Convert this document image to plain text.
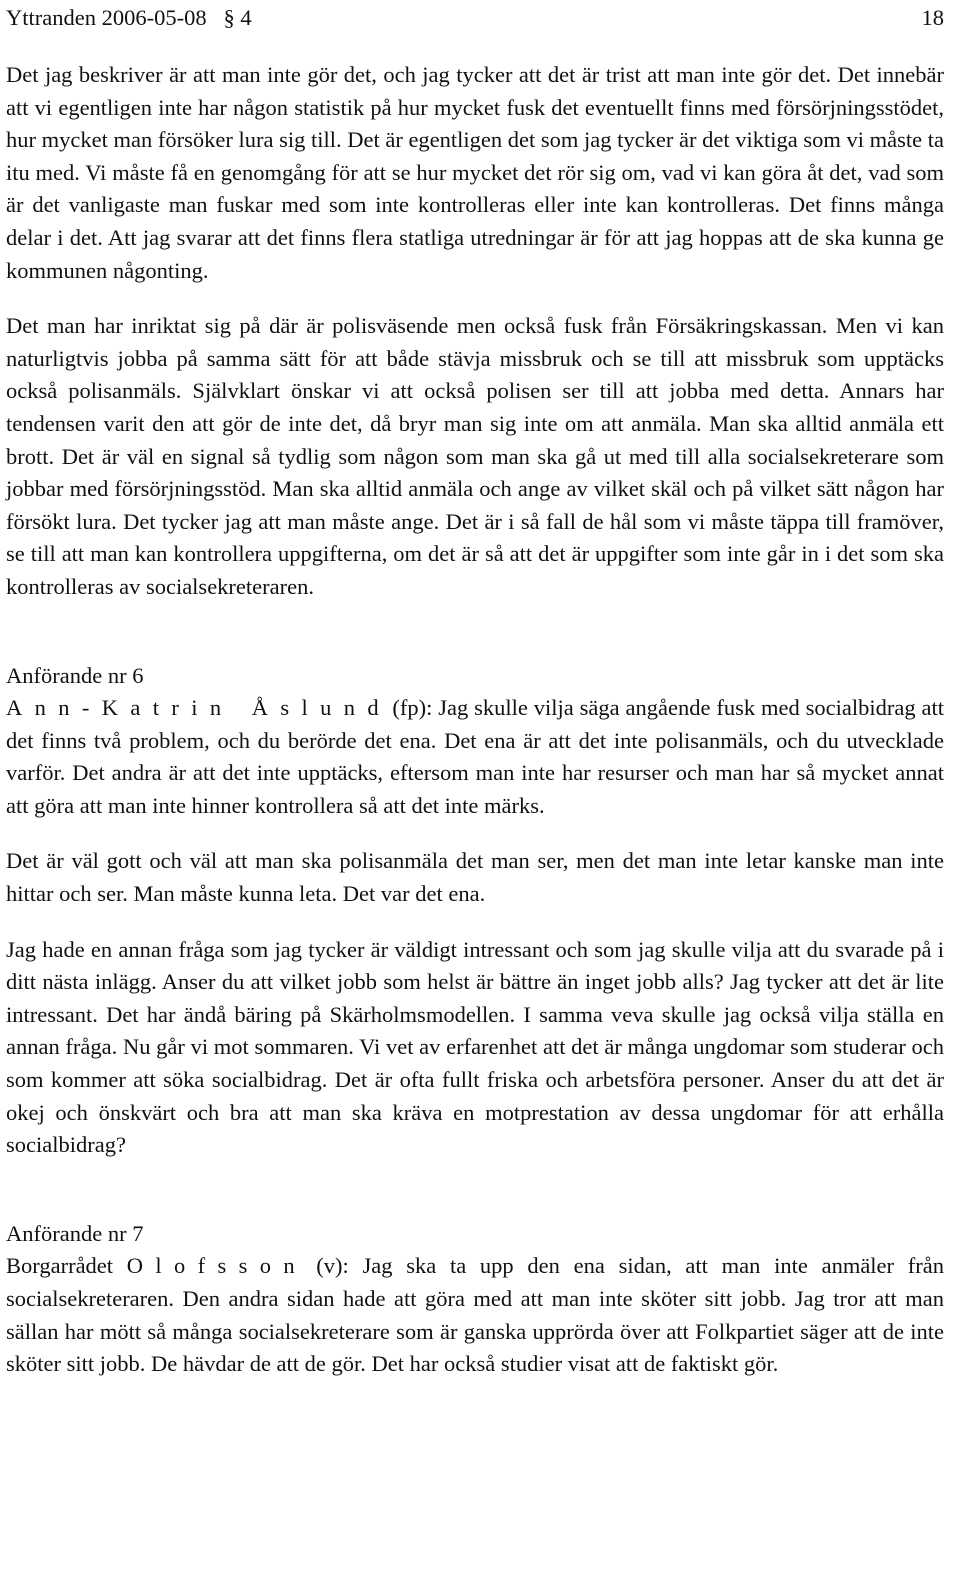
Yttranden 2006-05-08   § 4	18

Det jag beskriver är att man inte gör det, och jag tycker att det är trist att man inte gör det. Det innebär att vi egentligen inte har någon statistik på hur mycket fusk det eventuellt finns med försörjningsstödet, hur mycket man försöker lura sig till. Det är egentligen det som jag tycker är det viktiga som vi måste ta itu med. Vi måste få en genomgång för att se hur mycket det rör sig om, vad vi kan göra åt det, vad som är det vanligaste man fuskar med som inte kontrolleras eller inte kan kontrolleras. Det finns många delar i det. Att jag svarar att det finns flera statliga utredningar är för att jag hoppas att de ska kunna ge kommunen någonting.

Det man har inriktat sig på där är polisväsende men också fusk från Försäkringskassan. Men vi kan naturligtvis jobba på samma sätt för att både stävja missbruk och se till att missbruk som upptäcks också polisanmäls. Självklart önskar vi att också polisen ser till att jobba med detta. Annars har tendensen varit den att gör de inte det, då bryr man sig inte om att anmäla. Man ska alltid anmäla ett brott. Det är väl en signal så tydlig som någon som man ska gå ut med till alla socialsekreterare som jobbar med försörjningsstöd. Man ska alltid anmäla och ange av vilket skäl och på vilket sätt någon har försökt lura. Det tycker jag att man måste ange. Det är i så fall de hål som vi måste täppa till framöver, se till att man kan kontrollera uppgifterna, om det är så att det är uppgifter som inte går in i det som ska kontrolleras av socialsekreteraren.

Anförande nr 6

Ann-Katrin Åslund (fp): Jag skulle vilja säga angående fusk med socialbidrag att det finns två problem, och du berörde det ena. Det ena är att det inte polisanmäls, och du utvecklade varför. Det andra är att det inte upptäcks, eftersom man inte har resurser och man har så mycket annat att göra att man inte hinner kontrollera så att det inte märks.

Det är väl gott och väl att man ska polisanmäla det man ser, men det man inte letar kanske man inte hittar och ser. Man måste kunna leta. Det var det ena.

Jag hade en annan fråga som jag tycker är väldigt intressant och som jag skulle vilja att du svarade på i ditt nästa inlägg. Anser du att vilket jobb som helst är bättre än inget jobb alls? Jag tycker att det är lite intressant. Det har ändå bäring på Skärholmsmodellen. I samma veva skulle jag också vilja ställa en annan fråga. Nu går vi mot sommaren. Vi vet av erfarenhet att det är många ungdomar som studerar och som kommer att söka socialbidrag. Det är ofta fullt friska och arbetsföra personer. Anser du att det är okej och önskvärt och bra att man ska kräva en motprestation av dessa ungdomar för att erhålla socialbidrag?

Anförande nr 7

Borgarrådet Olofsson (v): Jag ska ta upp den ena sidan, att man inte anmäler från socialsekreteraren. Den andra sidan hade att göra med att man inte sköter sitt jobb. Jag tror att man sällan har mött så många socialsekreterare som är ganska upprörda över att Folkpartiet säger att de inte sköter sitt jobb. De hävdar de att de gör. Det har också studier visat att de faktiskt gör.
